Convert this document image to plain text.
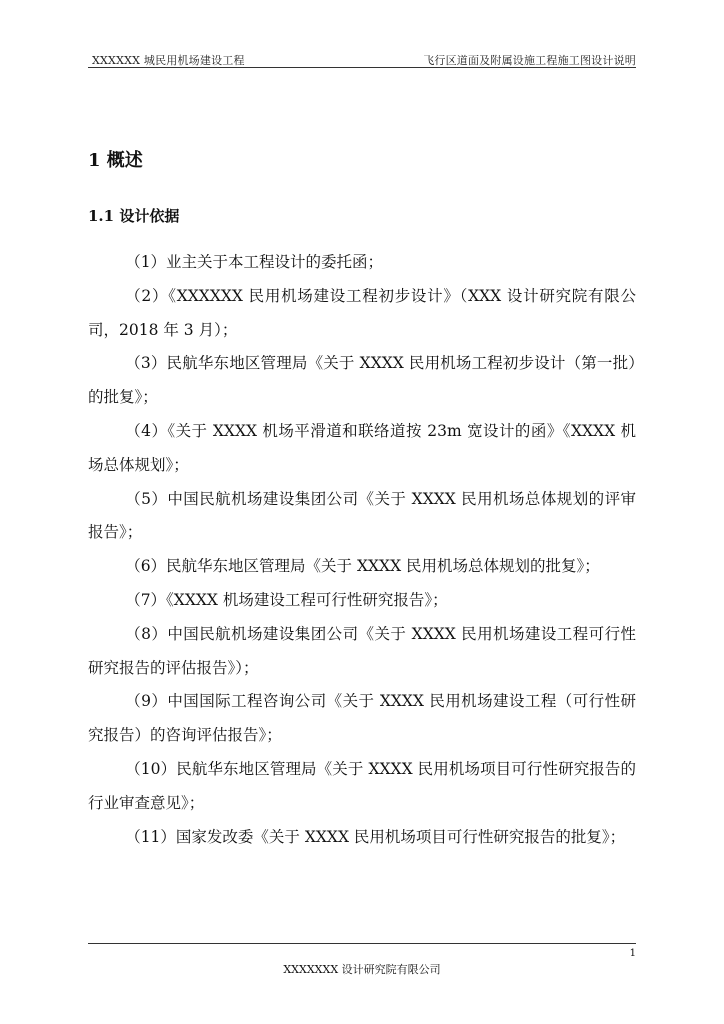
XXXXXX 城民用机场建设工程	飞行区道面及附属设施工程施工图设计说明
1 概述
1.1 设计依据

（1）业主关于本工程设计的委托函；

（2）《XXXXXX 民用机场建设工程初步设计》（XXX 设计研究院有限公司，2018 年 3 月）；

（3）民航华东地区管理局《关于 XXXX 民用机场工程初步设计（第一批）的批复》；

（4）《关于 XXXX 机场平滑道和联络道按 23m 宽设计的函》《XXXX 机场总体规划》；

（5）中国民航机场建设集团公司《关于 XXXX 民用机场总体规划的评审报告》；

（6）民航华东地区管理局《关于 XXXX 民用机场总体规划的批复》；

（7）《XXXX 机场建设工程可行性研究报告》；

（8）中国民航机场建设集团公司《关于 XXXX 民用机场建设工程可行性研究报告的评估报告》）；

（9）中国国际工程咨询公司《关于 XXXX 民用机场建设工程（可行性研究报告）的咨询评估报告》；

（10）民航华东地区管理局《关于 XXXX 民用机场项目可行性研究报告的行业审查意见》；

（11）国家发改委《关于 XXXX 民用机场项目可行性研究报告的批复》；

1
XXXXXXX 设计研究院有限公司
